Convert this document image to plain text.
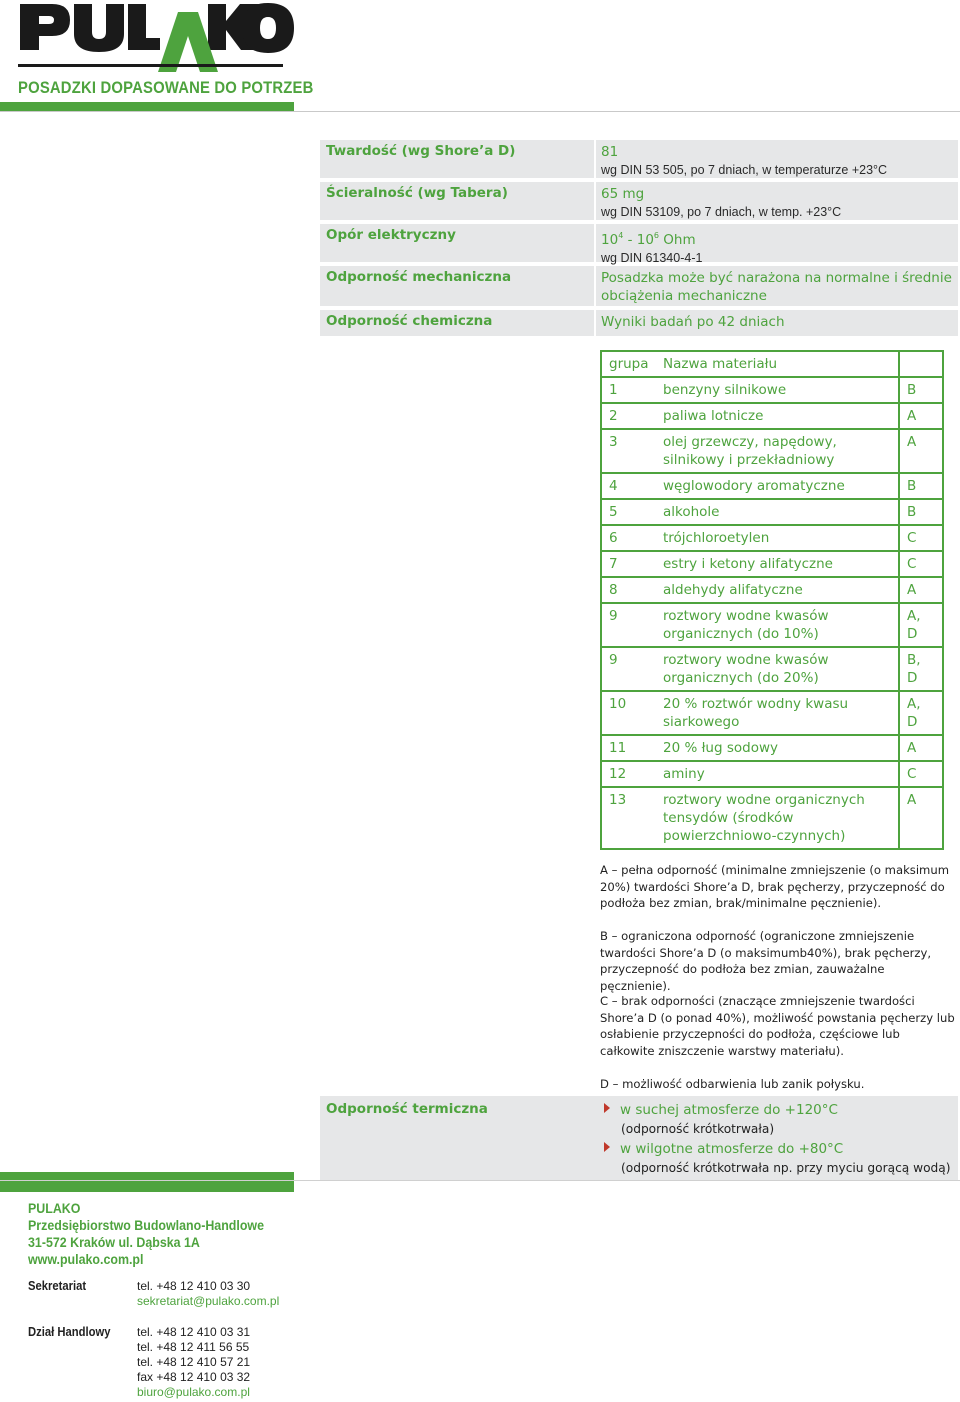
POSADZKI DOPASOWANE DO POTRZEB
Twardość (wg Shore’a D)	81
wg DIN 53 505, po 7 dniach, w temperaturze +23°C
Ścieralność (wg Tabera)	65 mg
wg DIN 53109, po 7 dniach, w temp. +23°C
Opór elektryczny	$10^4 - 10^6$ Ohm
wg DIN 61340-4-1
Odporność mechaniczna	Posadzka może być narażona na normalne i średnie obciążenia mechaniczne
Odporność chemiczna	Wyniki badań po 42 dniach
grupa	Nazwa materiału	
1	benzyny silnikowe	B
2	paliwa lotnicze	A
3	olej grzewczy, napędowy, silnikowy i przekładniowy	A
4	węglowodory aromatyczne	B
5	alkohole	B
6	trójchloroetylen	C
7	estry i ketony alifatyczne	C
8	aldehydy alifatyczne	A
9	roztwory wodne kwasów organicznych (do 10%)	A, D
9	roztwory wodne kwasów organicznych (do 20%)	B, D
10	20 % roztwór wodny kwasu siarkowego	A, D
11	20 % ług sodowy	A
12	aminy	C
13	roztwory wodne organicznych tensydów (środków powierzchniowo-czynnych)	A
A – pełna odporność (minimalne zmniejszenie (o maksimum 20%) twardości Shore’a D, brak pęcherzy, przyczepność do podłoża bez zmian, brak/minimalne pęcznienie).
B – ograniczona odporność (ograniczone zmniejszenie twardości Shore’a D (o maksimumb40%), brak pęcherzy, przyczepność do podłoża bez zmian, zauważalne pęcznienie).
C – brak odporności (znaczące zmniejszenie twardości Shore’a D (o ponad 40%), możliwość powstania pęcherzy lub osłabienie przyczepności do podłoża, częściowe lub całkowite zniszczenie warstwy materiału).
D – możliwość odbarwienia lub zanik połysku.
Odporność termiczna	w suchej atmosferze do +120°C
(odporność krótkotrwała)
w wilgotne atmosferze do +80°C
(odporność krótkotrwała np. przy myciu gorącą wodą)
PULAKO
Przedsiębiorstwo Budowlano-Handlowe
31-572 Kraków ul. Dąbska 1A
www.pulako.com.pl
Sekretariat	tel. +48 12 410 03 30
sekretariat@pulako.com.pl
Dział Handlowy tel. +48 12 410 03 31
tel. +48 12 411 56 55
tel. +48 12 410 57 21
fax +48 12 410 03 32
biuro@pulako.com.pl
